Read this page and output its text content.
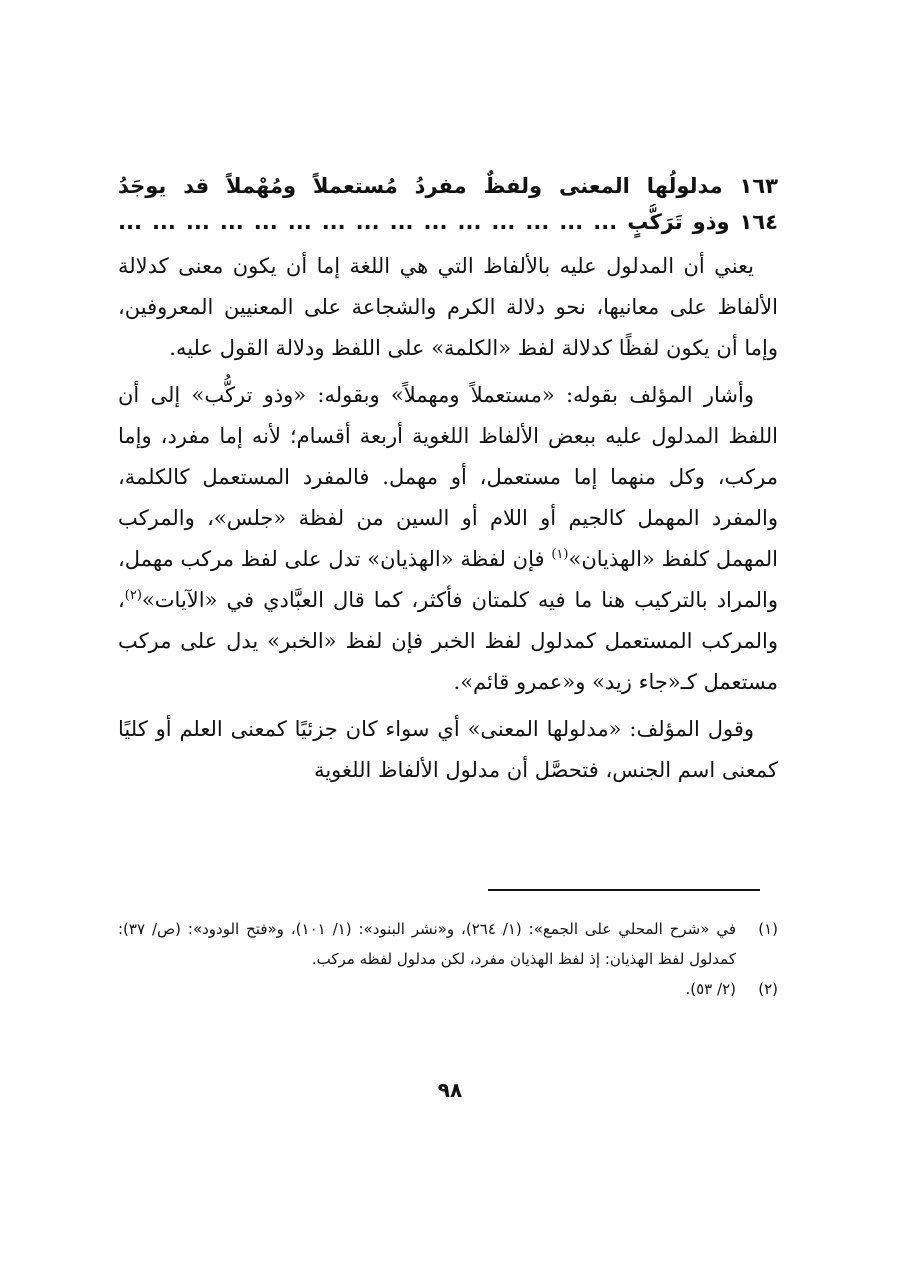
١٦٣ مدلولُها المعنى ولفظٌ مفردُ مُستعملاً ومُهْملاً قد يوجَدُ
١٦٤ وذو تَرَكُّبٍ ... ... ... ... ... ... ... ... ... ... ... ... ... ... ...

يعني أن المدلول عليه بالألفاظ التي هي اللغة إما أن يكون معنى كدلالة الألفاظ على معانيها، نحو دلالة الكرم والشجاعة على المعنيين المعروفين، وإما أن يكون لفظًا كدلالة لفظ «الكلمة» على اللفظ ودلالة القول عليه.

وأشار المؤلف بقوله: «مستعملاً ومهملاً» وبقوله: «وذو تركُّب» إلى أن اللفظ المدلول عليه ببعض الألفاظ اللغوية أربعة أقسام؛ لأنه إما مفرد، وإما مركب، وكل منهما إما مستعمل، أو مهمل. فالمفرد المستعمل كالكلمة، والمفرد المهمل كالجيم أو اللام أو السين من لفظة «جلس»، والمركب المهمل كلفظ «الهذيان»$^{(١)}$ فإن لفظة «الهذيان» تدل على لفظ مركب مهمل، والمراد بالتركيب هنا ما فيه كلمتان فأكثر، كما قال العبَّادي في «الآيات»$^{(٢)}$، والمركب المستعمل كمدلول لفظ الخبر فإن لفظ «الخبر» يدل على مركب مستعمل كـ«جاء زيد» و«عمرو قائم».

وقول المؤلف: «مدلولها المعنى» أي سواء كان جزئيًا كمعنى العلم أو كليًا كمعنى اسم الجنس، فتحصَّل أن مدلول الألفاظ اللغوية

(١)
في «شرح المحلي على الجمع»: (١/ ٢٦٤)، و«نشر البنود»: (١/ ١٠١)، و«فتح الودود»: (ص/ ٣٧): كمدلول لفظ الهذيان: إذ لفظ الهذيان مفرد، لكن مدلول لفظه مركب.
(٢)
(٢/ ٥٣).
٩٨
